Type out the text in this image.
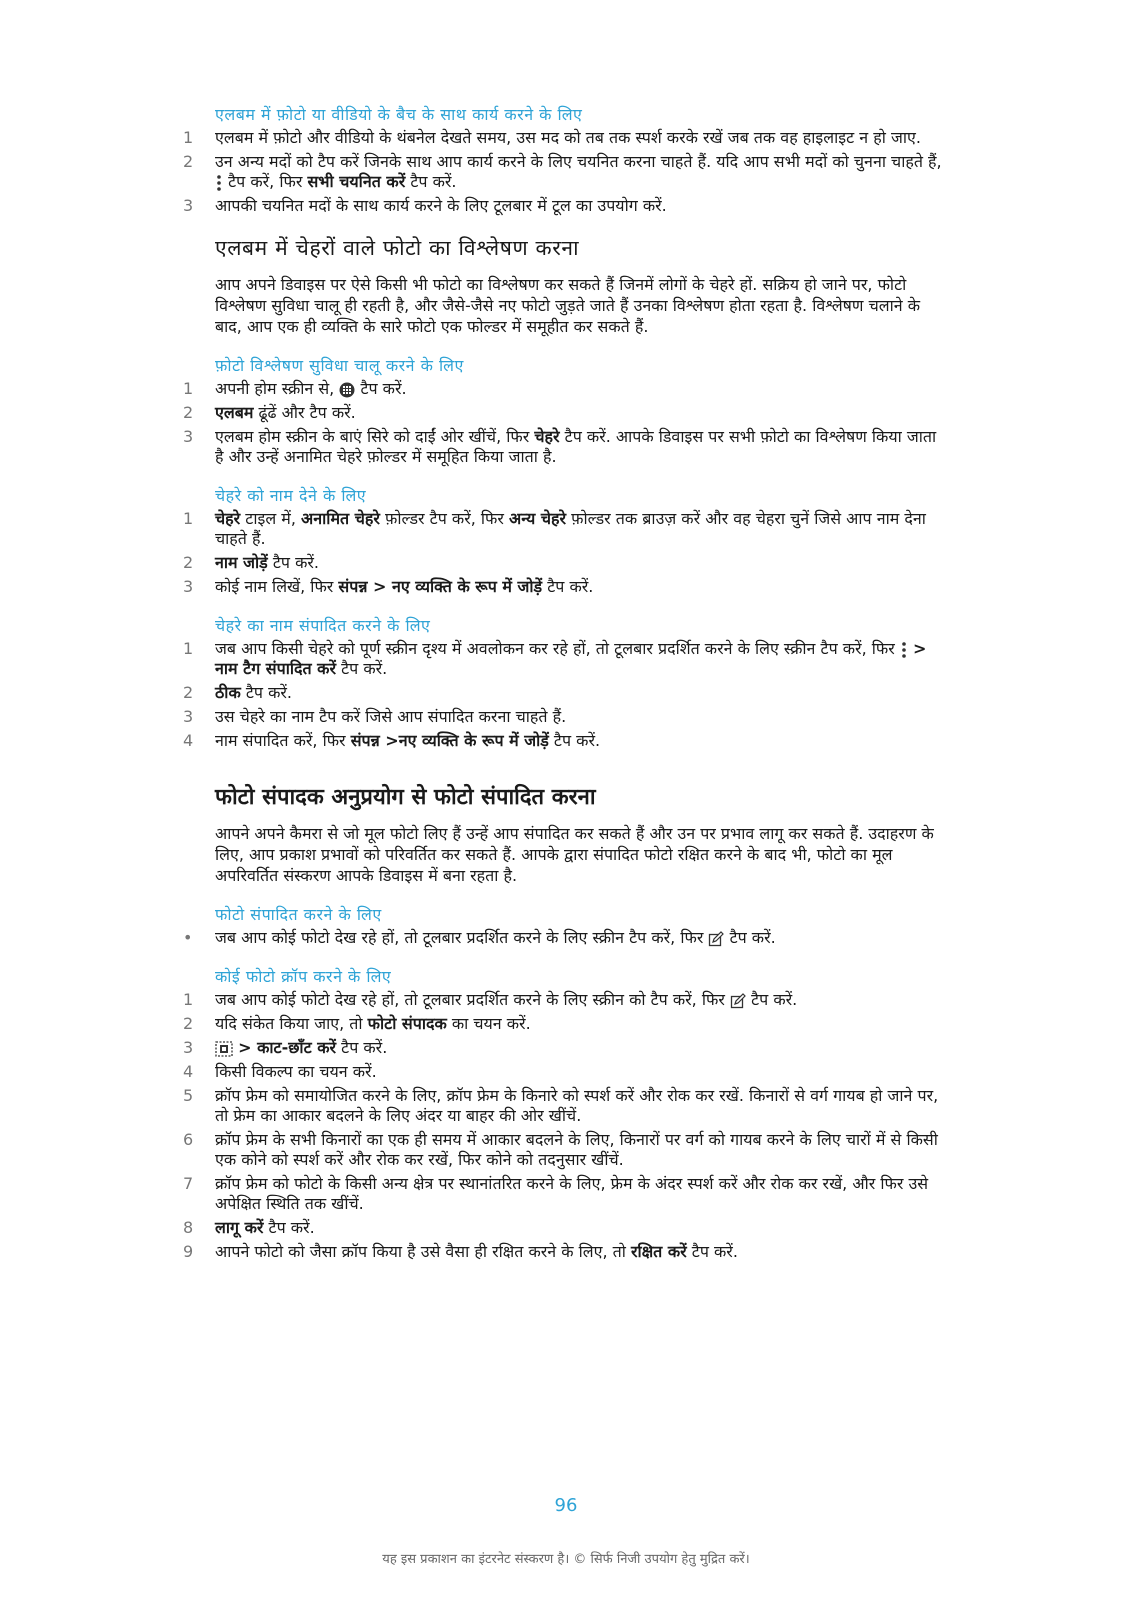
एलबम में फ़ोटो या वीडियो के बैच के साथ कार्य करने के लिए
1	एलबम में फ़ोटो और वीडियो के थंबनेल देखते समय, उस मद को तब तक स्पर्श करके रखें जब तक वह हाइलाइट न हो जाए.
2	उन अन्य मदों को टैप करें जिनके साथ आप कार्य करने के लिए चयनित करना चाहते हैं. यदि आप सभी मदों को चुनना चाहते हैं,  टैप करें, फिर सभी चयनित करें टैप करें.
3	आपकी चयनित मदों के साथ कार्य करने के लिए टूलबार में टूल का उपयोग करें.
एलबम में चेहरों वाले फोटो का विश्लेषण करना
आप अपने डिवाइस पर ऐसे किसी भी फोटो का विश्लेषण कर सकते हैं जिनमें लोगों के चेहरे हों. सक्रिय हो जाने पर, फोटो विश्लेषण सुविधा चालू ही रहती है, और जैसे-जैसे नए फोटो जुड़ते जाते हैं उनका विश्लेषण होता रहता है. विश्लेषण चलाने के बाद, आप एक ही व्यक्ति के सारे फोटो एक फोल्डर में समूहीत कर सकते हैं.
फ़ोटो विश्लेषण सुविधा चालू करने के लिए
1	अपनी होम स्क्रीन से, टैप करें.
2	एलबम ढूंढें और टैप करें.
3	एलबम होम स्क्रीन के बाएं सिरे को दाईं ओर खींचें, फिर चेहरे टैप करें. आपके डिवाइस पर सभी फ़ोटो का विश्लेषण किया जाता है और उन्हें अनामित चेहरे फ़ोल्डर में समूहित किया जाता है.
चेहरे को नाम देने के लिए
1	चेहरे टाइल में, अनामित चेहरे फ़ोल्डर टैप करें, फिर अन्य चेहरे फ़ोल्डर तक ब्राउज़ करें और वह चेहरा चुनें जिसे आप नाम देना चाहते हैं.
2	नाम जोड़ें टैप करें.
3	कोई नाम लिखें, फिर संपन्न > नए व्यक्ति के रूप में जोड़ें टैप करें.
चेहरे का नाम संपादित करने के लिए
1	जब आप किसी चेहरे को पूर्ण स्क्रीन दृश्य में अवलोकन कर रहे हों, तो टूलबार प्रदर्शित करने के लिए स्क्रीन टैप करें, फिर > नाम टैग संपादित करें टैप करें.
2	ठीक टैप करें.
3	उस चेहरे का नाम टैप करें जिसे आप संपादित करना चाहते हैं.
4	नाम संपादित करें, फिर संपन्न >नए व्यक्ति के रूप में जोड़ें टैप करें.
फोटो संपादक अनुप्रयोग से फोटो संपादित करना
आपने अपने कैमरा से जो मूल फोटो लिए हैं उन्हें आप संपादित कर सकते हैं और उन पर प्रभाव लागू कर सकते हैं. उदाहरण के लिए, आप प्रकाश प्रभावों को परिवर्तित कर सकते हैं. आपके द्वारा संपादित फोटो रक्षित करने के बाद भी, फोटो का मूल अपरिवर्तित संस्करण आपके डिवाइस में बना रहता है.
फोटो संपादित करने के लिए
•	जब आप कोई फोटो देख रहे हों, तो टूलबार प्रदर्शित करने के लिए स्क्रीन टैप करें, फिर टैप करें.
कोई फोटो क्रॉप करने के लिए
1	जब आप कोई फोटो देख रहे हों, तो टूलबार प्रदर्शित करने के लिए स्क्रीन को टैप करें, फिर टैप करें.
2	यदि संकेत किया जाए, तो फोटो संपादक का चयन करें.
3	> काट-छाँट करें टैप करें.
4	किसी विकल्प का चयन करें.
5	क्रॉप फ्रेम को समायोजित करने के लिए, क्रॉप फ्रेम के किनारे को स्पर्श करें और रोक कर रखें. किनारों से वर्ग गायब हो जाने पर, तो फ्रेम का आकार बदलने के लिए अंदर या बाहर की ओर खींचें.
6	क्रॉप फ्रेम के सभी किनारों का एक ही समय में आकार बदलने के लिए, किनारों पर वर्ग को गायब करने के लिए चारों में से किसी एक कोने को स्पर्श करें और रोक कर रखें, फिर कोने को तदनुसार खींचें.
7	क्रॉप फ्रेम को फोटो के किसी अन्य क्षेत्र पर स्थानांतरित करने के लिए, फ्रेम के अंदर स्पर्श करें और रोक कर रखें, और फिर उसे अपेक्षित स्थिति तक खींचें.
8	लागू करें टैप करें.
9	आपने फोटो को जैसा क्रॉप किया है उसे वैसा ही रक्षित करने के लिए, तो रक्षित करें टैप करें.
96
यह इस प्रकाशन का इंटरनेट संस्करण है। © सिर्फ निजी उपयोग हेतु मुद्रित करें।
